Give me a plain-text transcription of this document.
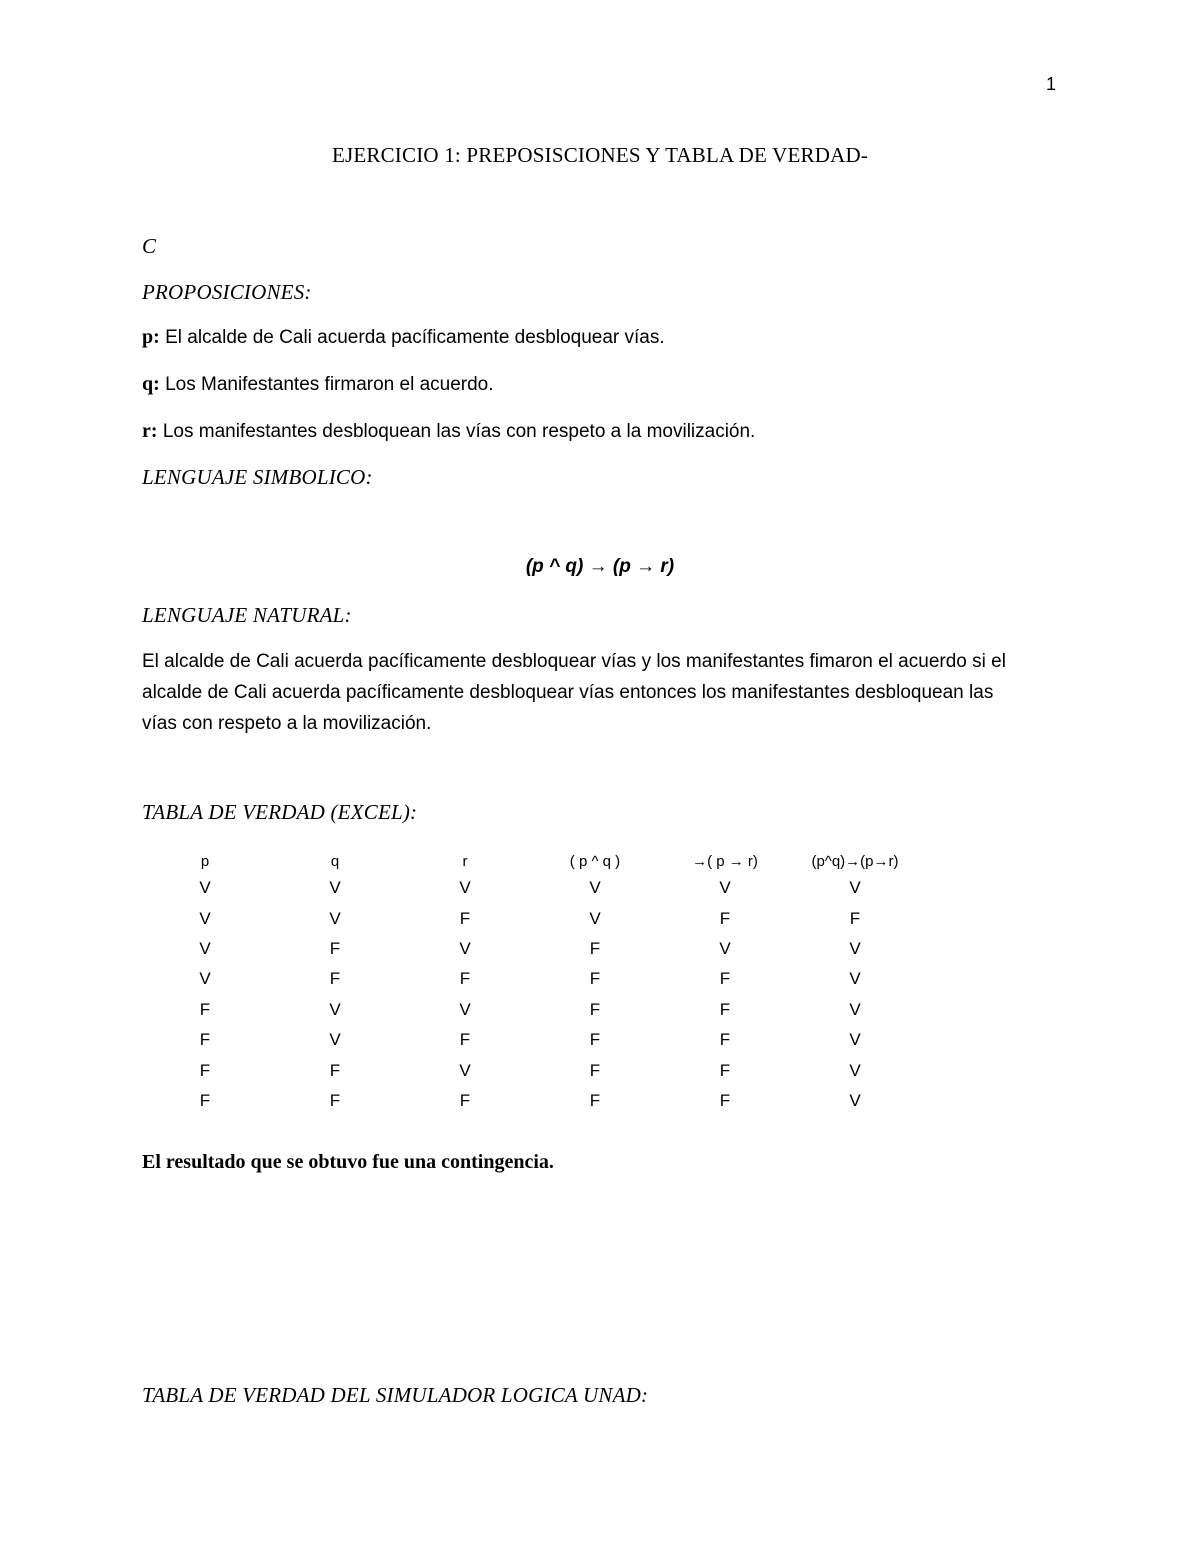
1
EJERCICIO 1: PREPOSISCIONES Y TABLA DE VERDAD-
C
PROPOSICIONES:
p: El alcalde de Cali acuerda pacíficamente desbloquear vías.
q: Los Manifestantes firmaron el acuerdo.
r: Los manifestantes desbloquean las vías con respeto a la movilización.
LENGUAJE SIMBOLICO:
(p ^ q) → (p → r)
LENGUAJE NATURAL:
El alcalde de Cali acuerda pacíficamente desbloquear vías y los manifestantes fimaron el acuerdo si el alcalde de Cali acuerda pacíficamente desbloquear vías entonces los manifestantes desbloquean las vías con respeto a la movilización.
TABLA DE VERDAD (EXCEL):
p	q	r	( p ^ q )	→( p → r)	(p^q)→(p→r)
V	V	V	V	V	V
V	V	F	V	F	F
V	F	V	F	V	V
V	F	F	F	F	V
F	V	V	F	F	V
F	V	F	F	F	V
F	F	V	F	F	V
F	F	F	F	F	V
El resultado que se obtuvo fue una contingencia.
TABLA DE VERDAD DEL SIMULADOR LOGICA UNAD:
